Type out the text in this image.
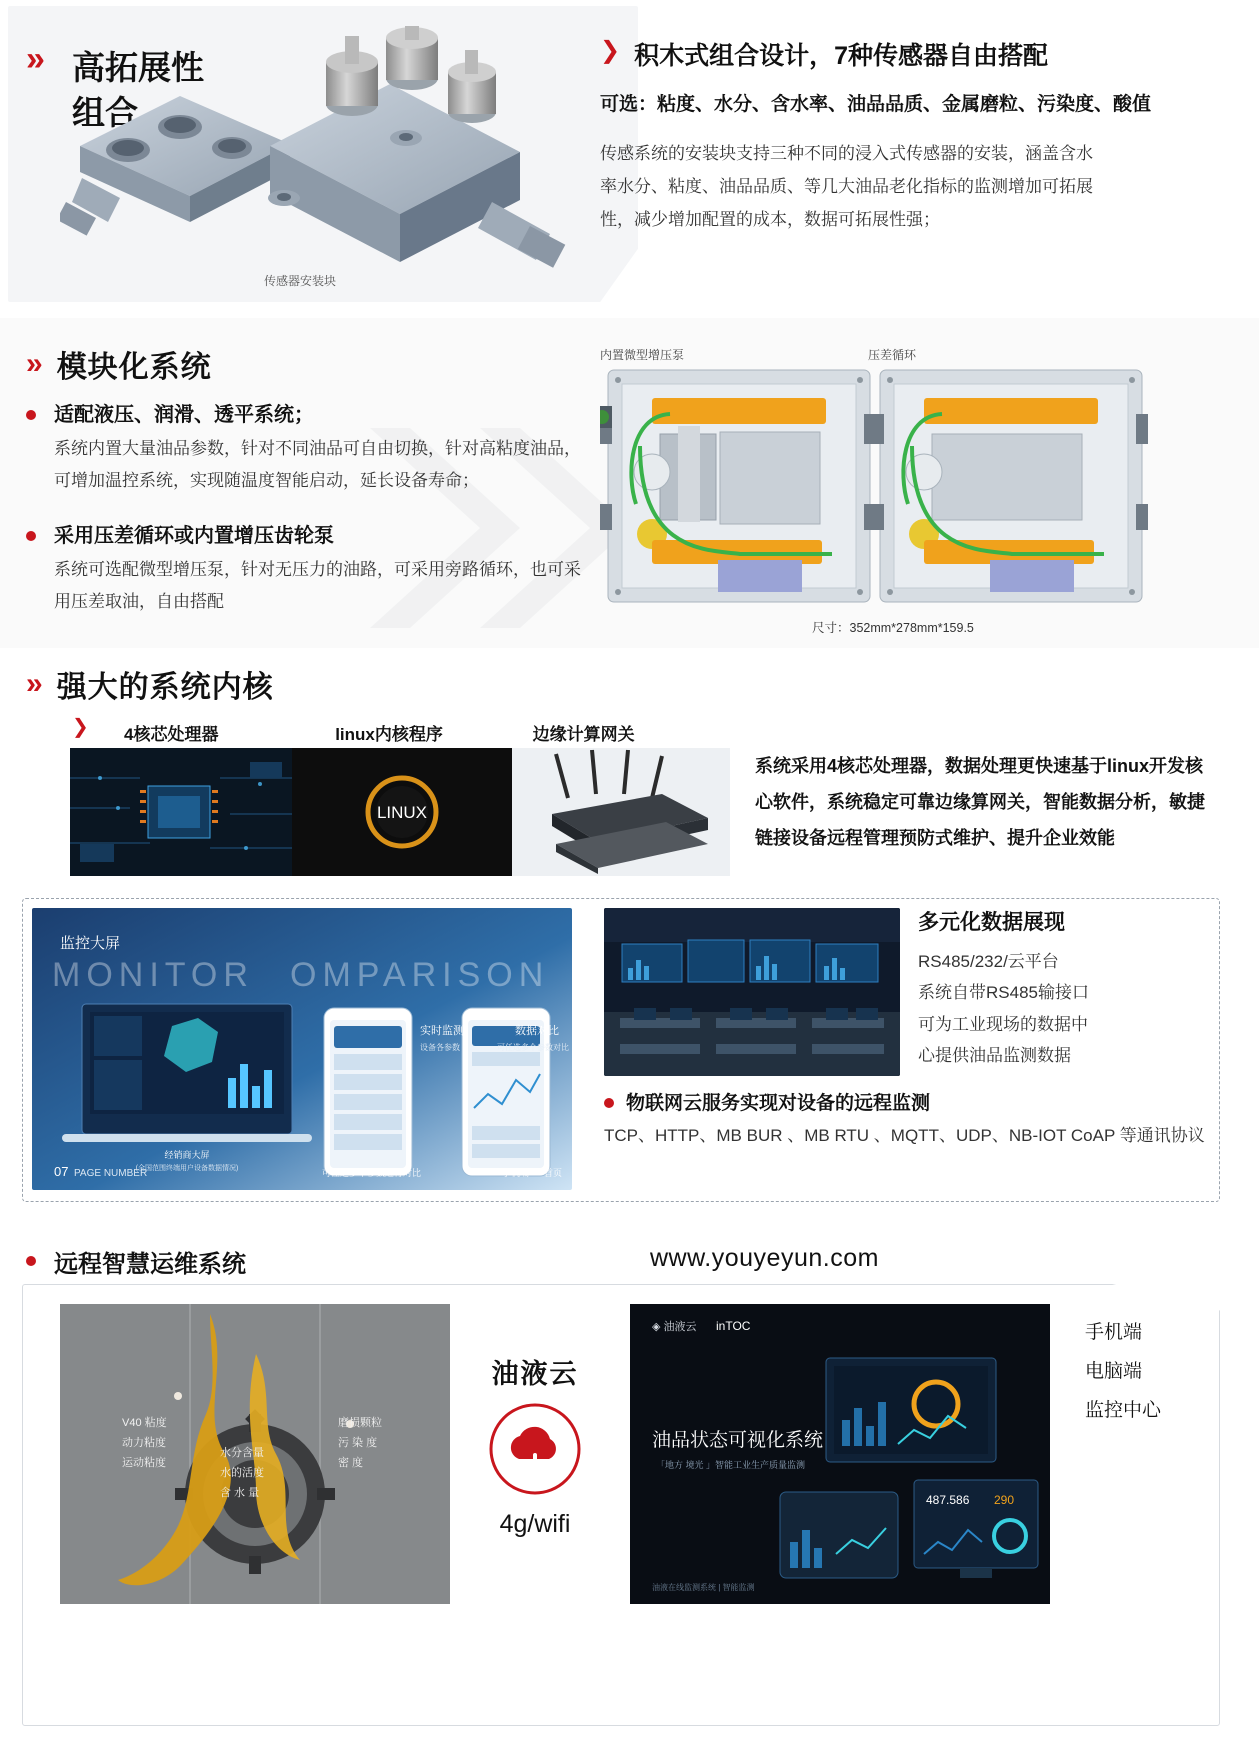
» 高拓展性
组合
传感器安装块
❯ 积木式组合设计，7种传感器自由搭配
可选：粘度、水分、含水率、油品品质、金属磨粒、污染度、酸值
传感系统的安装块支持三种不同的浸入式传感器的安装，涵盖含水率水分、粘度、油品品质、等几大油品老化指标的监测增加可拓展性，减少增加配置的成本，数据可拓展性强；
» 模块化系统
适配液压、润滑、透平系统；
系统内置大量油品参数，针对不同油品可自由切换，针对高粘度油品，可增加温控系统，实现随温度智能启动，延长设备寿命；
采用压差循环或内置增压齿轮泵
系统可选配微型增压泵，针对无压力的油路，可采用旁路循环，也可采用压差取油，自由搭配
内置微型增压泵	压差循环
尺寸：352mm*278mm*159.5
» 强大的系统内核
❯	4核芯处理器	linux内核程序	边缘计算网关
LINUX
系统采用4核芯处理器，数据处理更快速基于linux开发核心软件，系统稳定可靠边缘算网关，智能数据分析，敏捷链接设备远程管理预防式维护、提升企业效能
监控大屏
MONITOR OMPARISON
经销商大屏
(全国范围终端用户设备数据情况)
实时监测
设备各参数
数据对比
可任选多个参数对比
07 PAGE NUMBER	可任选多个参数进行对比	手机端 首页
多元化数据展现
RS485/232/云平台
系统自带RS485输接口
可为工业现场的数据中
心提供油品监测数据
物联网云服务实现对设备的远程监测
TCP、HTTP、MB BUR 、MB RTU 、MQTT、UDP、NB-IOT CoAP 等通讯协议
远程智慧运维系统	www.youyeyun.com
V40 粘度
动力粘度
运动粘度
水分含量
水的活度
含 水 量
磨损颗粒
污 染 度
密 度
油液云
4g/wifi
◈ 油液云 inTOC
油品状态可视化系统
「地方 境光 」智能工业生产质量监测
487.586 290
油液在线监测系统 | 智能监测
手机端
电脑端
监控中心
